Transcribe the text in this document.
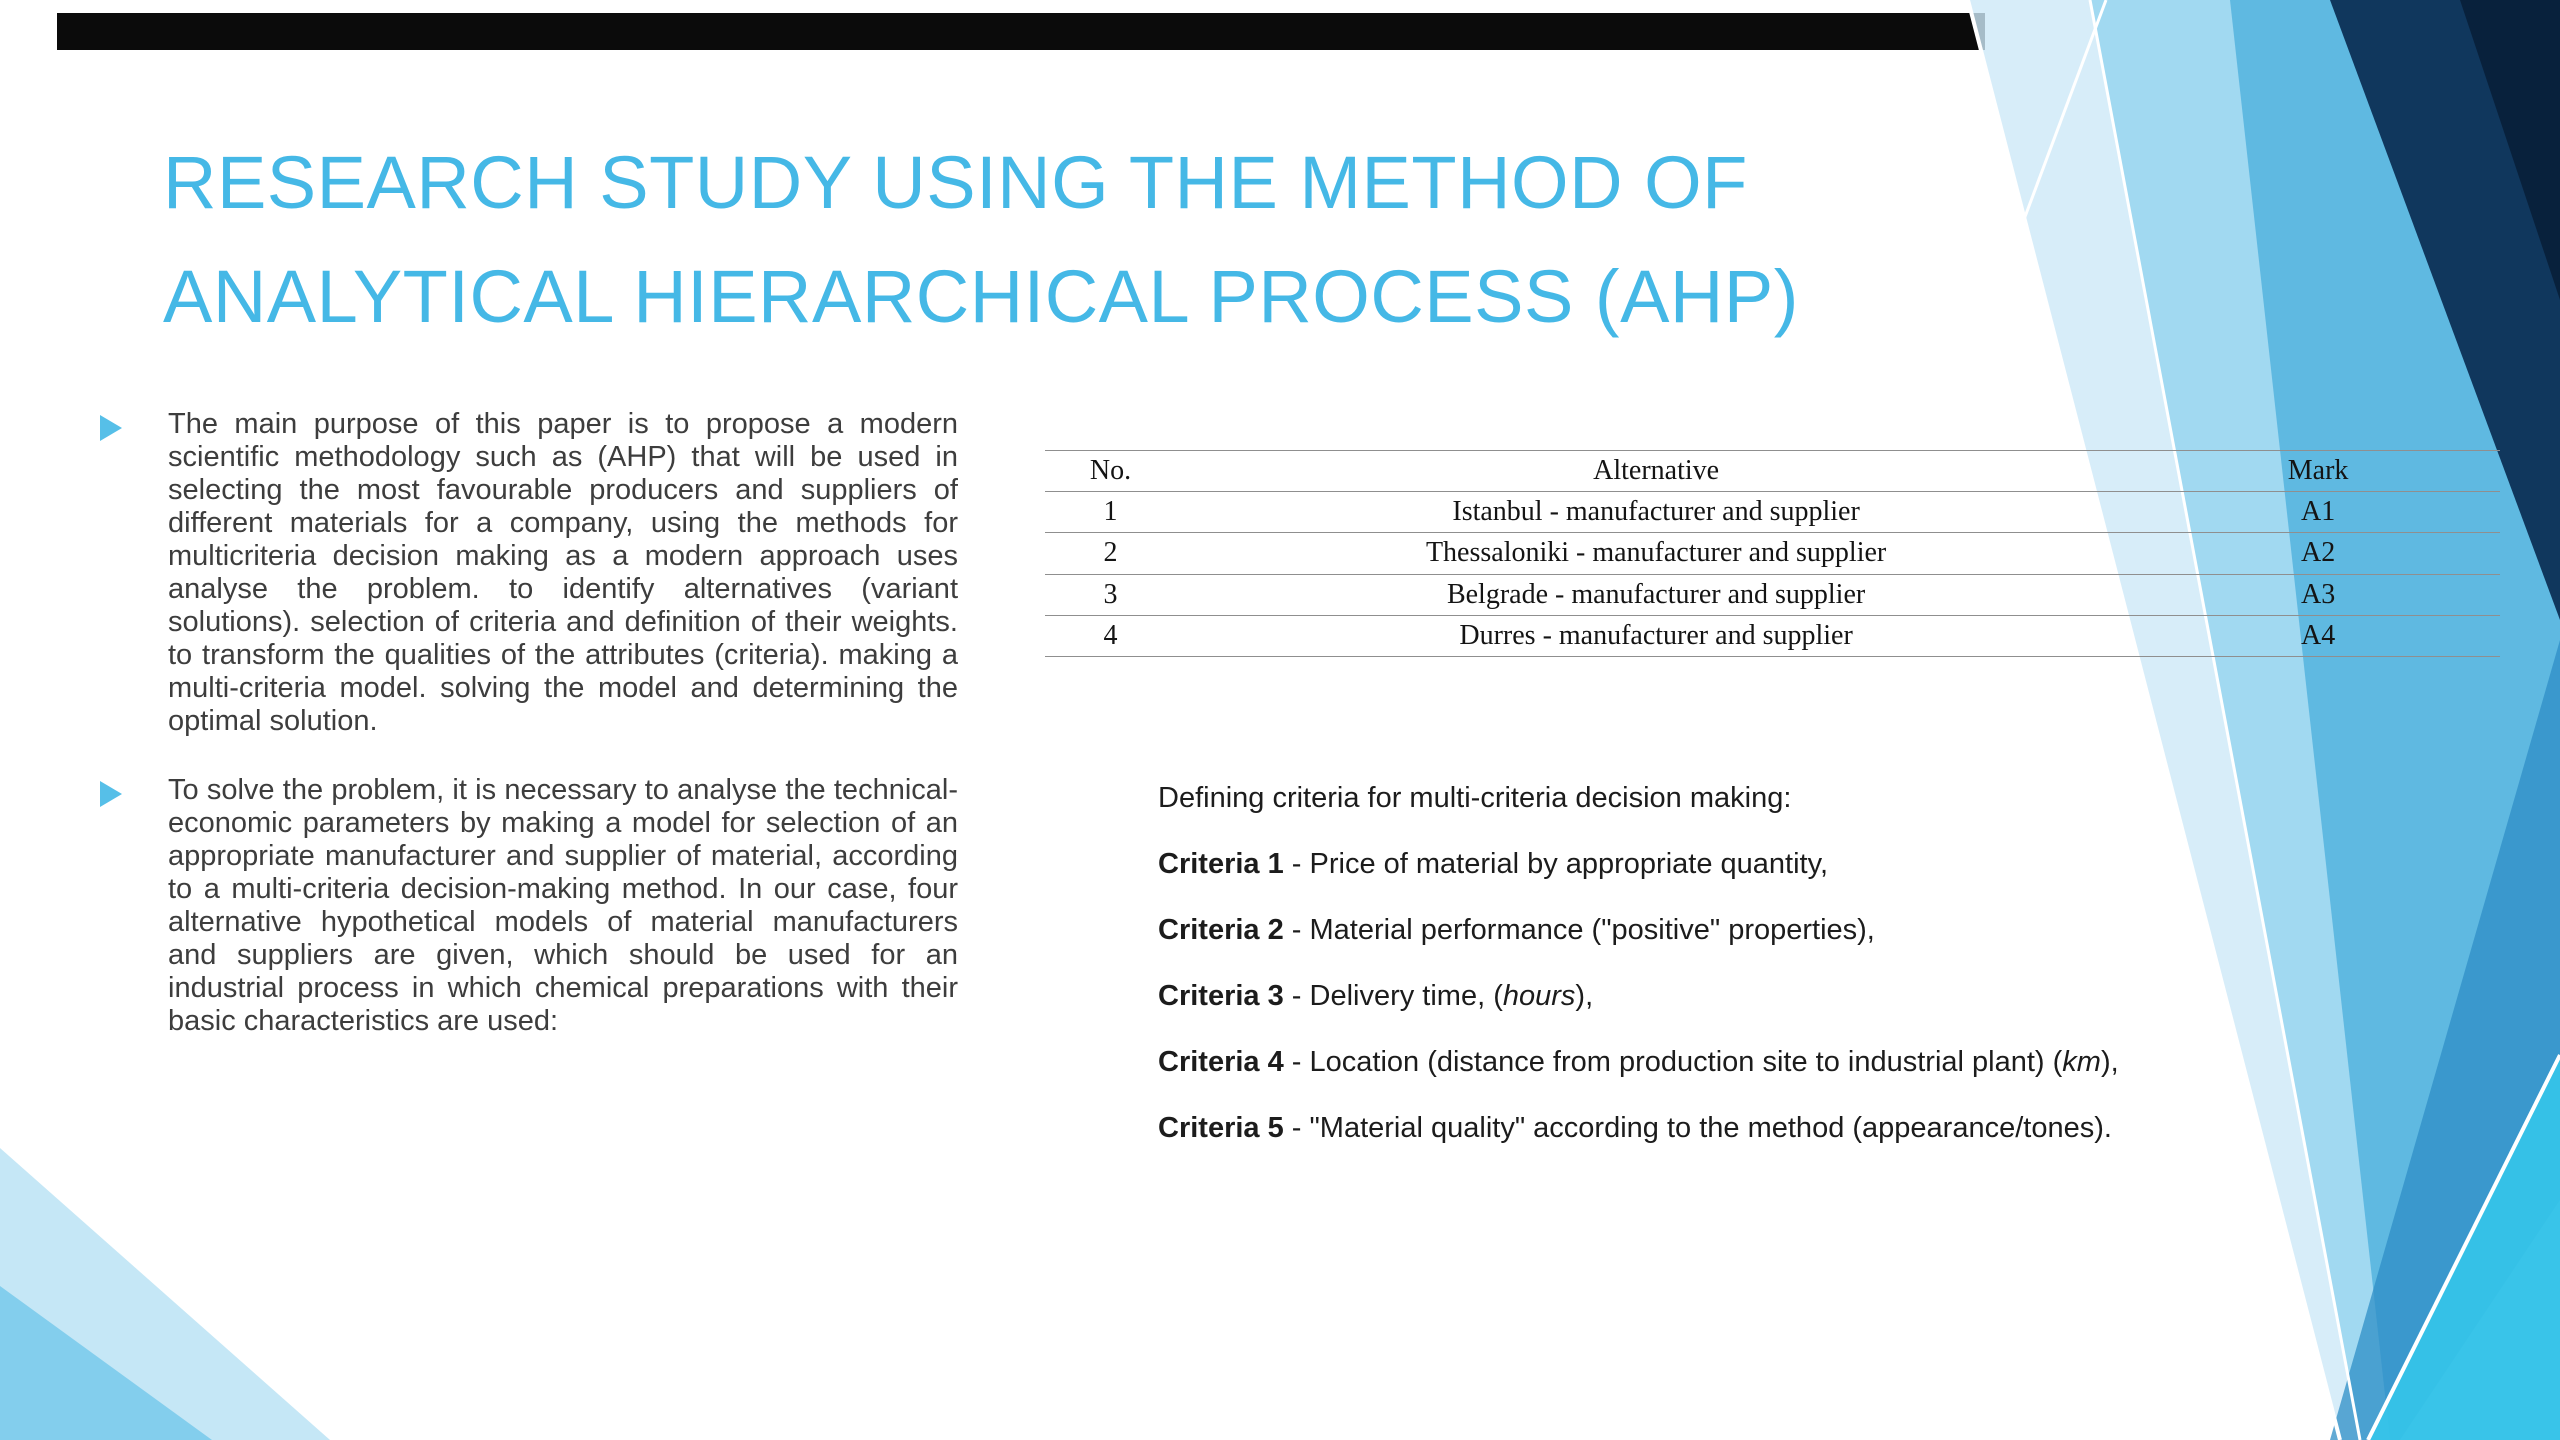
RESEARCH STUDY USING THE METHOD OF
ANALYTICAL HIERARCHICAL PROCESS (AHP)

The main purpose of this paper is to propose a modern scientific methodology such as (AHP) that will be used in selecting the most favourable producers and suppliers of different materials for a company, using the methods for multicriteria decision making as a modern approach uses analyse the problem. to identify alternatives (variant solutions). selection of criteria and definition of their weights. to transform the qualities of the attributes (criteria). making a multi-criteria model. solving the model and determining the optimal solution.

To solve the problem, it is necessary to analyse the technical-economic parameters by making a model for selection of an appropriate manufacturer and supplier of material, according to a multi-criteria decision-making method. In our case, four alternative hypothetical models of material manufacturers and suppliers are given, which should be used for an industrial process in which chemical preparations with their basic characteristics are used:

No.	Alternative	Mark
1	Istanbul - manufacturer and supplier	A1
2	Thessaloniki - manufacturer and supplier	A2
3	Belgrade - manufacturer and supplier	A3
4	Durres - manufacturer and supplier	A4

Defining criteria for multi-criteria decision making:

Criteria 1 - Price of material by appropriate quantity,

Criteria 2 - Material performance ("positive" properties),

Criteria 3 - Delivery time, (hours),

Criteria 4 - Location (distance from production site to industrial plant) (km),

Criteria 5 - "Material quality" according to the method (appearance/tones).
